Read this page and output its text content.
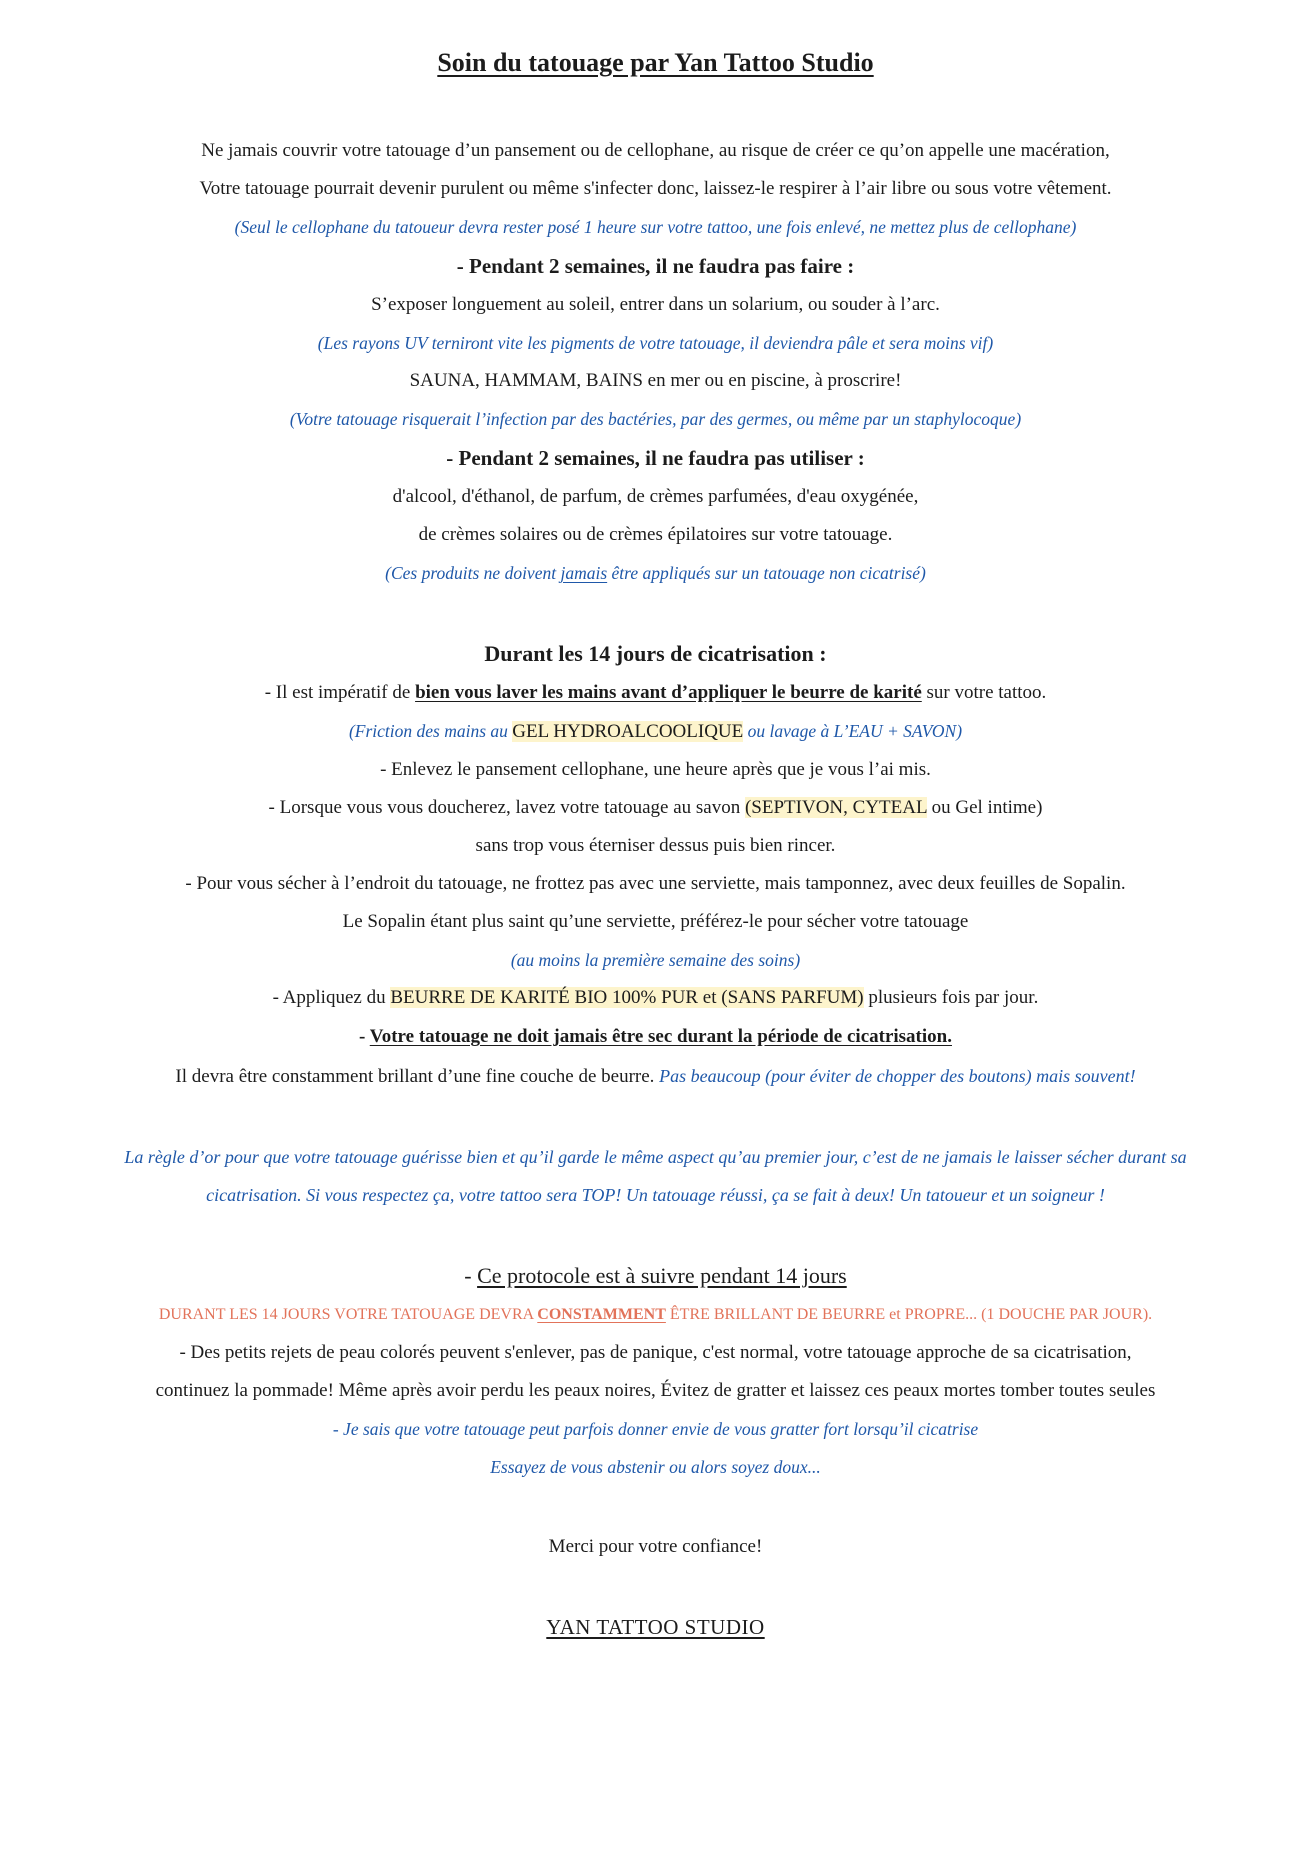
Soin du tatouage par Yan Tattoo Studio
Ne jamais couvrir votre tatouage d’un pansement ou de cellophane, au risque de créer ce qu’on appelle une macération,
Votre tatouage pourrait devenir purulent ou même s'infecter donc, laissez-le respirer à l’air libre ou sous votre vêtement.
(Seul le cellophane du tatoueur devra rester posé 1 heure sur votre tattoo, une fois enlevé, ne mettez plus de cellophane)
- Pendant 2 semaines, il ne faudra pas faire :
S’exposer longuement au soleil, entrer dans un solarium, ou souder à l’arc.
(Les rayons UV terniront vite les pigments de votre tatouage, il deviendra pâle et sera moins vif)
SAUNA, HAMMAM, BAINS en mer ou en piscine, à proscrire!
(Votre tatouage risquerait l’infection par des bactéries, par des germes, ou même par un staphylocoque)
- Pendant 2 semaines, il ne faudra pas utiliser :
d'alcool, d'éthanol, de parfum, de crèmes parfumées, d'eau oxygénée,
de crèmes solaires ou de crèmes épilatoires sur votre tatouage.
(Ces produits ne doivent jamais être appliqués sur un tatouage non cicatrisé)
Durant les 14 jours de cicatrisation :
- Il est impératif de bien vous laver les mains avant d’appliquer le beurre de karité sur votre tattoo.
(Friction des mains au GEL HYDROALCOOLIQUE ou lavage à L’EAU + SAVON)
- Enlevez le pansement cellophane, une heure après que je vous l’ai mis.
- Lorsque vous vous doucherez, lavez votre tatouage au savon (SEPTIVON, CYTEAL ou Gel intime)
sans trop vous éterniser dessus puis bien rincer.
- Pour vous sécher à l’endroit du tatouage, ne frottez pas avec une serviette, mais tamponnez, avec deux feuilles de Sopalin.
Le Sopalin étant plus saint qu’une serviette, préférez-le pour sécher votre tatouage
(au moins la première semaine des soins)
- Appliquez du BEURRE DE KARITÉ BIO 100% PUR et (SANS PARFUM) plusieurs fois par jour.
- Votre tatouage ne doit jamais être sec durant la période de cicatrisation.
Il devra être constamment brillant d’une fine couche de beurre. Pas beaucoup (pour éviter de chopper des boutons) mais souvent!
La règle d’or pour que votre tatouage guérisse bien et qu’il garde le même aspect qu’au premier jour, c’est de ne jamais le laisser sécher durant sa
cicatrisation. Si vous respectez ça, votre tattoo sera TOP! Un tatouage réussi, ça se fait à deux! Un tatoueur et un soigneur !
- Ce protocole est à suivre pendant 14 jours
DURANT LES 14 JOURS VOTRE TATOUAGE DEVRA CONSTAMMENT ÊTRE BRILLANT DE BEURRE et PROPRE... (1 DOUCHE PAR JOUR).
- Des petits rejets de peau colorés peuvent s'enlever, pas de panique, c'est normal, votre tatouage approche de sa cicatrisation,
continuez la pommade! Même après avoir perdu les peaux noires, Évitez de gratter et laissez ces peaux mortes tomber toutes seules
- Je sais que votre tatouage peut parfois donner envie de vous gratter fort lorsqu’il cicatrise
Essayez de vous abstenir ou alors soyez doux...
Merci pour votre confiance!
YAN TATTOO STUDIO
